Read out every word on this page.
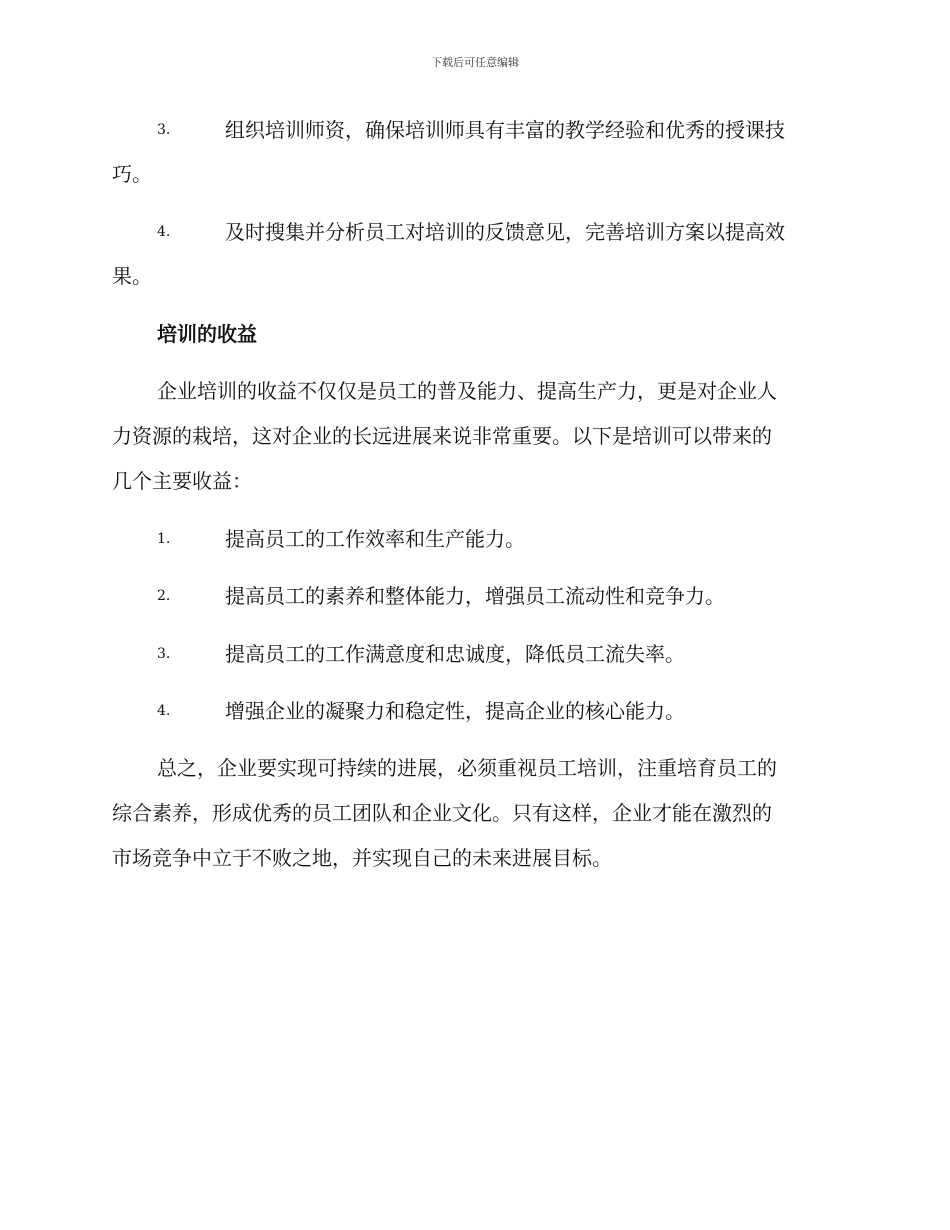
下载后可任意编辑
3.	组织培训师资，确保培训师具有丰富的教学经验和优秀的授课技
巧。
4.	及时搜集并分析员工对培训的反馈意见，完善培训方案以提高效
果。
培训的收益
企业培训的收益不仅仅是员工的普及能力、提高生产力，更是对企业人
力资源的栽培，这对企业的长远进展来说非常重要。以下是培训可以带来的
几个主要收益：
1.	提高员工的工作效率和生产能力。
2.	提高员工的素养和整体能力，增强员工流动性和竞争力。
3.	提高员工的工作满意度和忠诚度，降低员工流失率。
4.	增强企业的凝聚力和稳定性，提高企业的核心能力。
总之，企业要实现可持续的进展，必须重视员工培训，注重培育员工的
综合素养，形成优秀的员工团队和企业文化。只有这样，企业才能在激烈的
市场竞争中立于不败之地，并实现自己的未来进展目标。
